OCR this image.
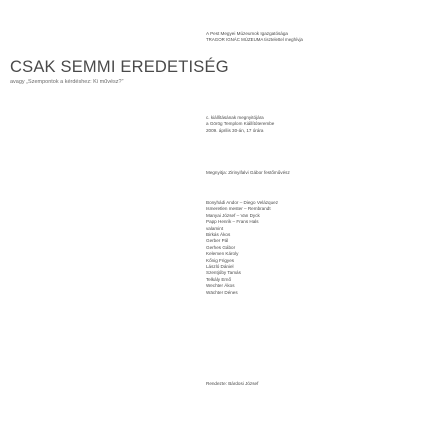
CSAK SEMMI EREDETISÉG
avagy „Szempontok a kérdéshez: Ki művész?”
A Pest Megyei Múzeumok Igazgatósága
TRAGOR IGNÁC MÚZEUMA tisztelettel meghívja
c. kiállításának megnyitójára
a Görög Templom Kiállítóterembe
2009. április 30-án, 17 órára
Megnyitja: Zirinyifalvi Gábor festőművész
Bonyhádi Andor – Diego Velázquez
Ismeretlen mester – Rembrandt
Manyai József – Van Dyck
Papp Henrik – Frans Hals
valamint
Birkás Ákos
Gerber Pál
Gerhes Gábor
Kelemen Károly
Kőnig Frigyes
László Dániel
Szentjóby Tamás
Telkály Ernő
Wechter Ákos
Wächter Dénes
Rendezte: Bárdosi József
